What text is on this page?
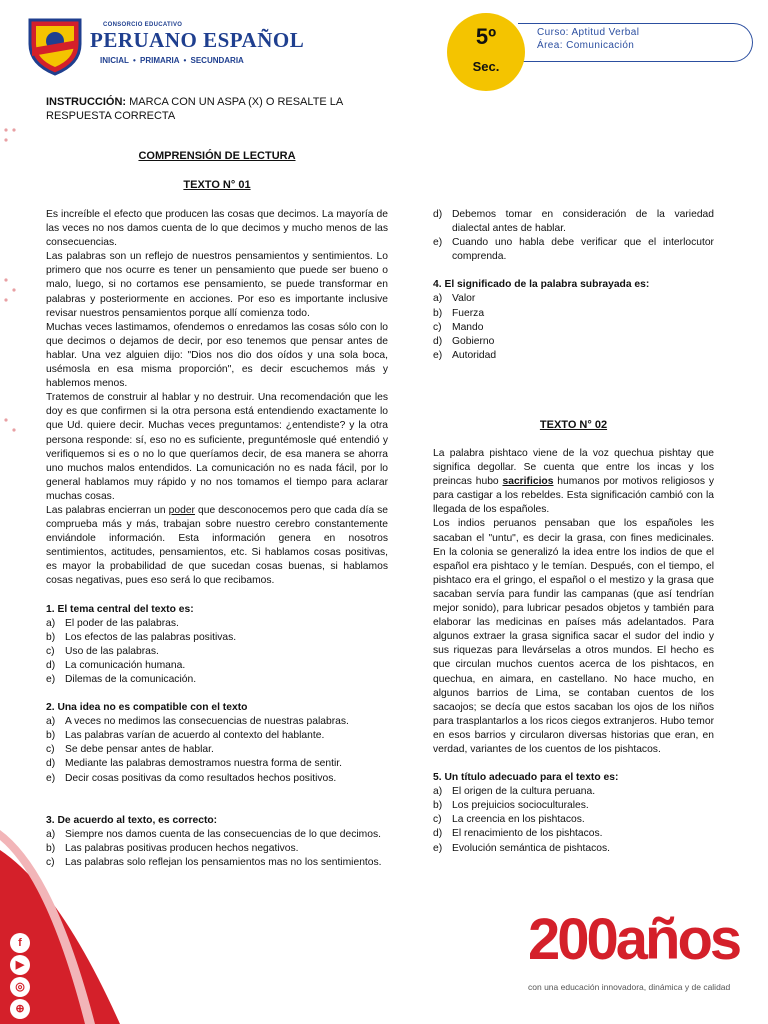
CONSORCIO EDUCATIVO
PERUANO ESPAÑOL
INICIAL • PRIMARIA • SECUNDARIA
Curso: Aptitud Verbal
Área: Comunicación
5º
Sec.
INSTRUCCIÓN: MARCA CON UN ASPA (X) O RESALTE LA RESPUESTA CORRECTA
COMPRENSIÓN DE LECTURA
TEXTO N° 01

Es increíble el efecto que producen las cosas que decimos. La mayoría de las veces no nos damos cuenta de lo que decimos y mucho menos de las consecuencias.

Las palabras son un reflejo de nuestros pensamientos y sentimientos. Lo primero que nos ocurre es tener un pensamiento que puede ser bueno o malo, luego, si no cortamos ese pensamiento, se puede transformar en palabras y posteriormente en acciones. Por eso es importante inclusive revisar nuestros pensamientos porque allí comienza todo.

Muchas veces lastimamos, ofendemos o enredamos las cosas sólo con lo que decimos o dejamos de decir, por eso tenemos que pensar antes de hablar. Una vez alguien dijo: "Dios nos dio dos oídos y una sola boca, usémosla en esa misma proporción", es decir escuchemos más y hablemos menos.

Tratemos de construir al hablar y no destruir. Una recomendación que les doy es que confirmen si la otra persona está entendiendo exactamente lo que Ud. quiere decir. Muchas veces preguntamos: ¿entendiste? y la otra persona responde: sí, eso no es suficiente, preguntémosle qué entendió y verifiquemos si es o no lo que queríamos decir, de esa manera se ahorra uno muchos malos entendidos. La comunicación no es nada fácil, por lo general hablamos muy rápido y no nos tomamos el tiempo para aclarar muchas cosas.

Las palabras encierran un poder que desconocemos pero que cada día se comprueba más y más, trabajan sobre nuestro cerebro constantemente enviándole información. Esta información genera en nosotros sentimientos, actitudes, pensamientos, etc. Si hablamos cosas positivas, es mayor la probabilidad de que sucedan cosas buenas, si hablamos cosas negativas, pues eso será lo que recibamos.

1. El tema central del texto es:

a) El poder de las palabras.
b) Los efectos de las palabras positivas.
c)	Uso de las palabras.
d) La comunicación humana.
e) Dilemas de la comunicación.

2. Una idea no es compatible con el texto

a) A veces no medimos las consecuencias de nuestras palabras.
b) Las palabras varían de acuerdo al contexto del hablante.
c)	Se debe pensar antes de hablar.
d) Mediante las palabras demostramos nuestra forma de sentir.
e) Decir cosas positivas da como resultados hechos positivos.

3. De acuerdo al texto, es correcto:

a) Siempre nos damos cuenta de las consecuencias de lo que decimos.
b) Las palabras positivas producen hechos negativos.
c)	Las palabras solo reflejan los pensamientos mas no los sentimientos.
d) Debemos tomar en consideración de la variedad dialectal antes de hablar.
e) Cuando uno habla debe verificar que el interlocutor comprenda.

4. El significado de la palabra subrayada es:

a) Valor
b) Fuerza
c)	Mando
d) Gobierno
e) Autoridad
TEXTO N° 02

La palabra pishtaco viene de la voz quechua pishtay que significa degollar. Se cuenta que entre los incas y los preincas hubo sacrificios humanos por motivos religiosos y para castigar a los rebeldes. Esta significación cambió con la llegada de los españoles.

Los indios peruanos pensaban que los españoles les sacaban el "untu", es decir la grasa, con fines medicinales. En la colonia se generalizó la idea entre los indios de que el español era pishtaco y le temían. Después, con el tiempo, el pishtaco era el gringo, el español o el mestizo y la grasa que sacaban servía para fundir las campanas (que así tendrían mejor sonido), para lubricar pesados objetos y también para elaborar las medicinas en países más adelantados. Para algunos extraer la grasa significa sacar el sudor del indio y sus riquezas para llevárselas a otros mundos. El hecho es que circulan muchos cuentos acerca de los pishtacos, en quechua, en aimara, en castellano. No hace mucho, en algunos barrios de Lima, se contaban cuentos de los sacaojos; se decía que estos sacaban los ojos de los niños para trasplantarlos a los ricos ciegos extranjeros. Hubo temor en esos barrios y circularon diversas historias que eran, en verdad, variantes de los cuentos de los pishtacos.

5. Un título adecuado para el texto es:

a) El origen de la cultura peruana.
b) Los prejuicios socioculturales.
c)	La creencia en los pishtacos.
d) El renacimiento de los pishtacos.
e) Evolución semántica de pishtacos.
f
▶
◎
⊕
200años
con una educación innovadora, dinámica y de calidad
